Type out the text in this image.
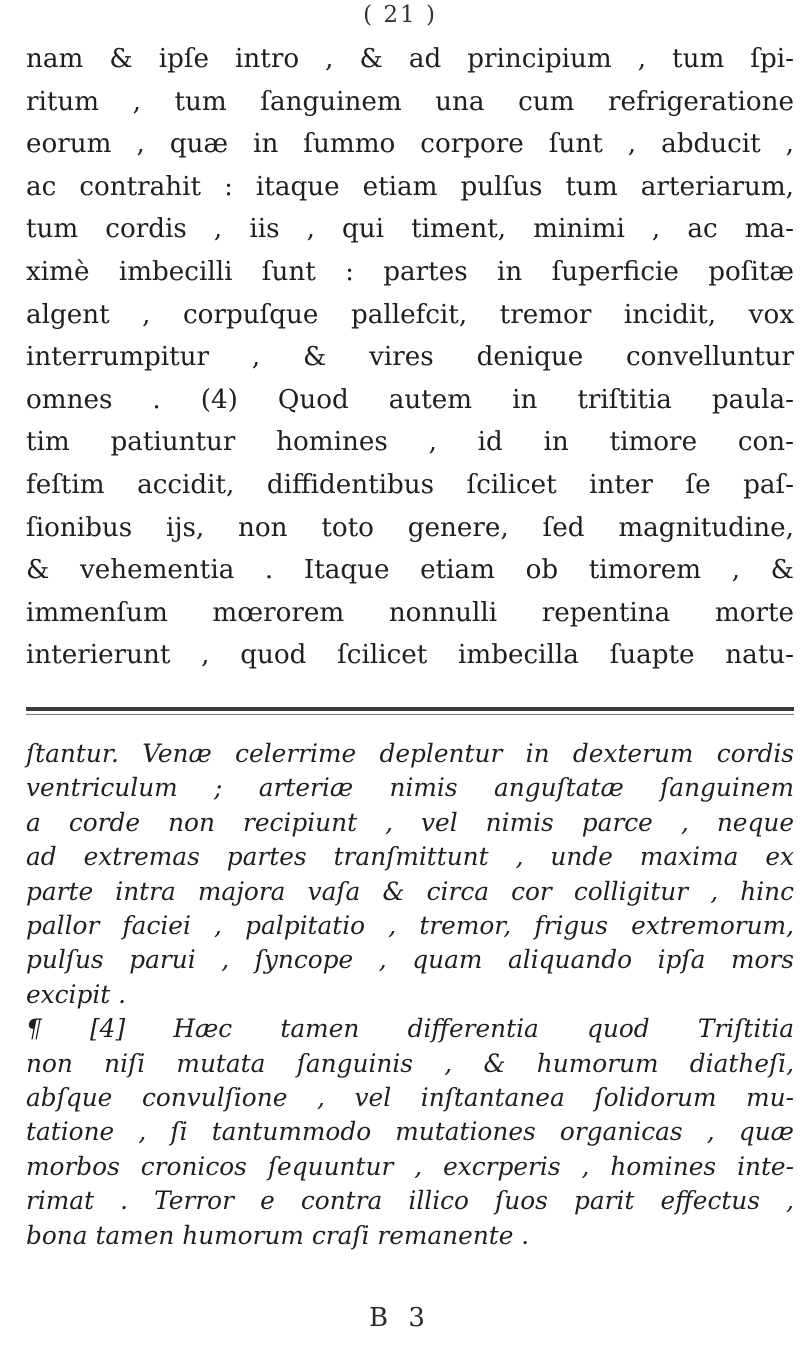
( 21 )

nam & ipſe intro , & ad principium , tum ſpi-
ritum , tum ſanguinem una cum refrigeratione
eorum , quæ in ſummo corpore ſunt , abducit ,
ac contrahit : itaque etiam pulſus tum arteriarum,
tum cordis , iis , qui timent, minimi , ac ma-
ximè imbecilli ſunt : partes in ſuperficie poſitæ
algent , corpuſque pallefcit, tremor incidit, vox
interrumpitur , & vires denique convelluntur
omnes . (4) Quod autem in triſtitia paula-
tim patiuntur homines , id in timore con-
feſtim accidit, diffidentibus ſcilicet inter ſe paſ-
ſionibus ijs, non toto genere, ſed magnitudine,
& vehementia . Itaque etiam ob timorem , &
immenſum mœrorem nonnulli repentina morte
interierunt , quod ſcilicet imbecilla ſuapte natu-

ſtantur. Venæ celerrime deplentur in dexterum cordis
ventriculum ; arteriæ nimis anguſtatæ ſanguinem
a corde non recipiunt , vel nimis parce , neque
ad extremas partes tranſmittunt , unde maxima ex
parte intra majora vaſa & circa cor colligitur , hinc
pallor faciei , palpitatio , tremor, frigus extremorum,
pulſus parui , ſyncope , quam aliquando ipſa mors
excipit .
¶ [4] Hæc tamen differentia quod Triſtitia
non niſi mutata ſanguinis , & humorum diatheſi,
abſque convulſione , vel inſtantanea ſolidorum mu-
tatione , ſi tantummodo mutationes organicas , quæ
morbos cronicos ſequuntur , excrperis , homines inte-
rimat . Terror e contra illico ſuos parit effectus ,
bona tamen humorum craſi remanente .

B 3
